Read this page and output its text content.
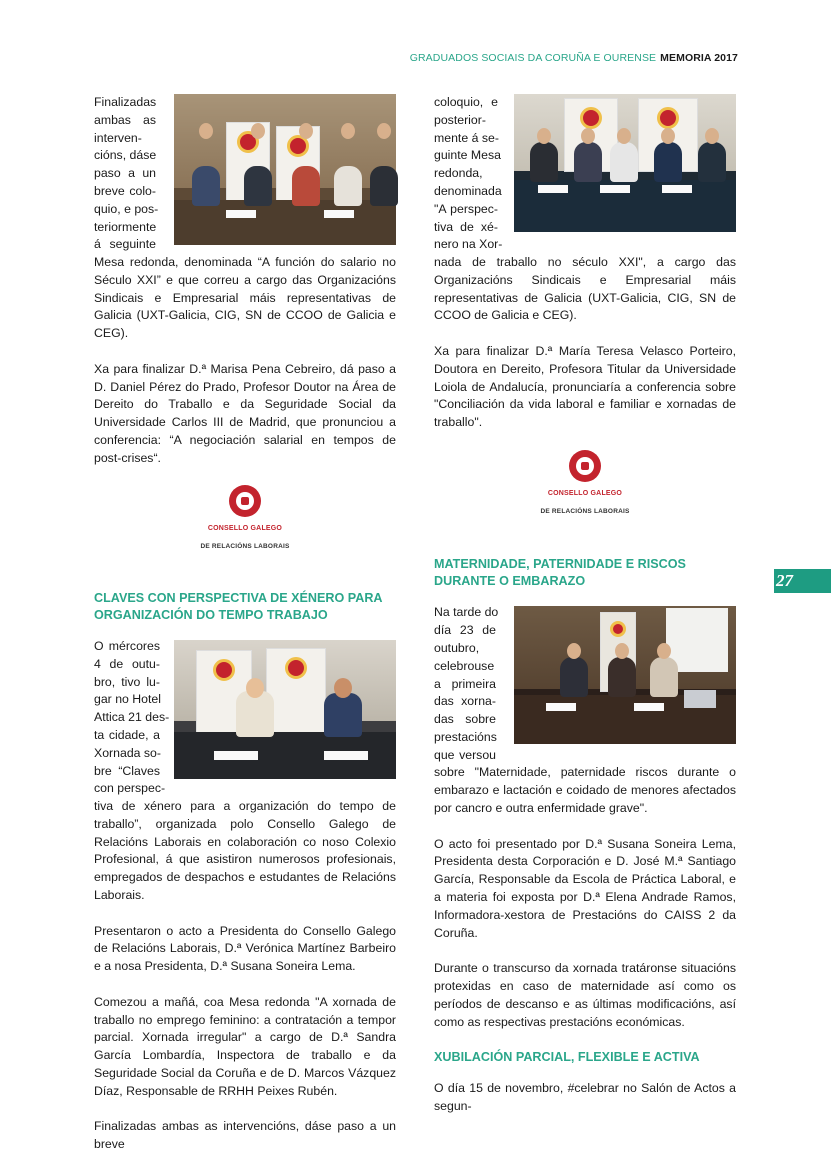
GRADUADOS SOCIAIS DA CORUÑA E OURENSE MEMORIA 2017
27
Finalizadas
ambas as
interven-
cións, dáse
paso a un
breve colo-
quio, e pos-
teriormente
á seguinte

Mesa redonda, denominada “A función do salario no Século XXI” e que correu a cargo das Organizacións Sindicais e Empresarial máis representativas de Galicia (UXT-Galicia, CIG, SN de CCOO de Galicia e CEG).

Xa para finalizar D.ª Marisa Pena Cebreiro, dá paso a D. Daniel Pérez do Prado, Profesor Doutor na Área de Dereito do Traballo e da Seguridade Social da Universidade Carlos III de Madrid, que pronunciou a conferencia: “A negociación salarial en tempos de post-crises“.

CONSELLO GALEGO
DE RELACIÓNS LABORAIS
CLAVES CON PERSPECTIVA DE XÉNERO PARA ORGANIZACIÓN DO TEMPO TRABAJO
O mércores
4 de outu-
bro, tivo lu-
gar no Hotel
Attica 21 des-
ta cidade, a
Xornada so-
bre “Claves
con perspec-

tiva de xénero para a organización do tempo de traballo”, organizada polo Consello Galego de Relacións Laborais en colaboración co noso Colexio Profesional, á que asistiron numerosos profesionais, empregados de despachos e estudantes de Relacións Laborais.

Presentaron o acto a Presidenta do Consello Galego de Relacións Laborais, D.ª Verónica Martínez Barbeiro e a nosa Presidenta, D.ª Susana Soneira Lema.

Comezou a mañá, coa Mesa redonda "A xornada de traballo no emprego feminino: a contratación a tempor parcial. Xornada irregular" a cargo de D.ª Sandra García Lombardía, Inspectora de traballo e da Seguridade Social da Coruña e de D. Marcos Vázquez Díaz, Responsable de RRHH Peixes Rubén.

Finalizadas ambas as intervencións, dáse paso a un breve

coloquio, e
posterior-
mente á se-
guinte Mesa
redonda,
denominada
"A perspec-
tiva de xé-
nero na Xor-

nada de traballo no século XXI", a cargo das Organizacións Sindicais e Empresarial máis representativas de Galicia (UXT-Galicia, CIG, SN de CCOO de Galicia e CEG).

Xa para finalizar D.ª María Teresa Velasco Porteiro, Doutora en Dereito, Profesora Titular da Universidade Loiola de Andalucía, pronunciaría a conferencia sobre "Conciliación da vida laboral e familiar e xornadas de traballo".

CONSELLO GALEGO
DE RELACIÓNS LABORAIS
MATERNIDADE, PATERNIDADE E RISCOS DURANTE O EMBARAZO
Na tarde do
día 23 de
outubro,
celebrouse
a primeira
das xorna-
das sobre
prestacións
que versou

sobre "Maternidade, paternidade riscos durante o embarazo e lactación e coidado de menores afectados por cancro e outra enfermidade grave".

O acto foi presentado por D.ª Susana Soneira Lema, Presidenta desta Corporación e D. José M.ª Santiago García, Responsable da Escola de Práctica Laboral, e a materia foi exposta por D.ª Elena Andrade Ramos, Informadora-xestora de Prestacións do CAISS 2 da Coruña.

Durante o transcurso da xornada tratáronse situacións protexidas en caso de maternidade así como os períodos de descanso e as últimas modificacións, así como as respectivas prestacións económicas.

XUBILACIÓN PARCIAL, FLEXIBLE E ACTIVA

O día 15 de novembro, #celebrar no Salón de Actos a segun-
